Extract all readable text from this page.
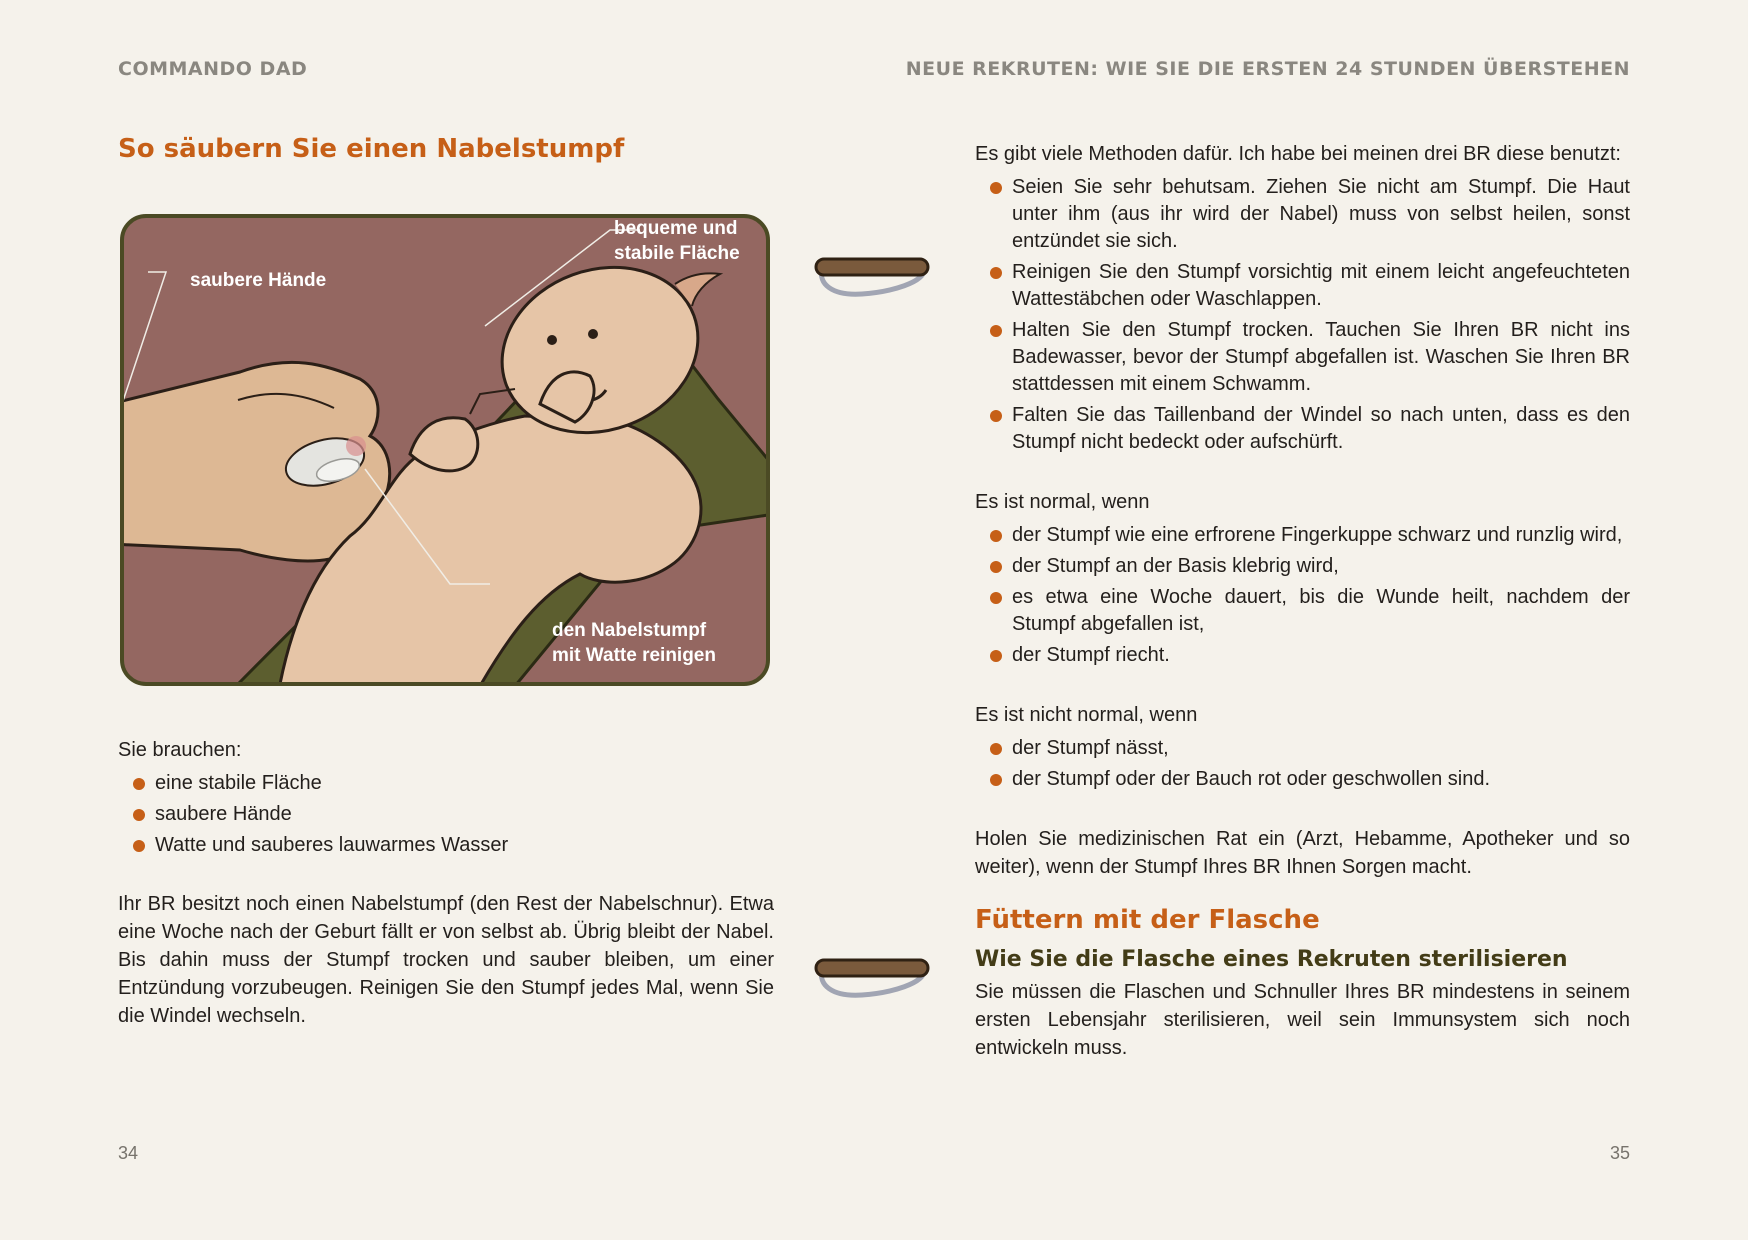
COMMANDO DAD
So säubern Sie einen Nabelstumpf
bequeme und
stabile Fläche
saubere Hände
den Nabelstumpf
mit Watte reinigen

Sie brauchen:

eine stabile Fläche
saubere Hände
Watte und sauberes lauwarmes Wasser

Ihr BR besitzt noch einen Nabelstumpf (den Rest der Nabelschnur). Etwa eine Woche nach der Geburt fällt er von selbst ab. Übrig bleibt der Nabel. Bis dahin muss der Stumpf trocken und sauber bleiben, um einer Entzündung vorzubeugen. Reinigen Sie den Stumpf jedes Mal, wenn Sie die Windel wechseln.

34
NEUE REKRUTEN: WIE SIE DIE ERSTEN 24 STUNDEN ÜBERSTEHEN
35

Es gibt viele Methoden dafür. Ich habe bei meinen drei BR diese benutzt:

Seien Sie sehr behutsam. Ziehen Sie nicht am Stumpf. Die Haut unter ihm (aus ihr wird der Nabel) muss von selbst heilen, sonst entzündet sie sich.
Reinigen Sie den Stumpf vorsichtig mit einem leicht angefeuchteten Wattestäbchen oder Waschlappen.
Halten Sie den Stumpf trocken. Tauchen Sie Ihren BR nicht ins Badewasser, bevor der Stumpf abgefallen ist. Waschen Sie Ihren BR stattdessen mit einem Schwamm.
Falten Sie das Taillenband der Windel so nach unten, dass es den Stumpf nicht bedeckt oder aufschürft.

Es ist normal, wenn

der Stumpf wie eine erfrorene Fingerkuppe schwarz und runzlig wird,
der Stumpf an der Basis klebrig wird,
es etwa eine Woche dauert, bis die Wunde heilt, nachdem der Stumpf abgefallen ist,
der Stumpf riecht.

Es ist nicht normal, wenn

der Stumpf nässt,
der Stumpf oder der Bauch rot oder geschwollen sind.

Holen Sie medizinischen Rat ein (Arzt, Hebamme, Apotheker und so weiter), wenn der Stumpf Ihres BR Ihnen Sorgen macht.

Füttern mit der Flasche
Wie Sie die Flasche eines Rekruten sterilisieren

Sie müssen die Flaschen und Schnuller Ihres BR mindestens in seinem ersten Lebensjahr sterilisieren, weil sein Immunsystem sich noch entwickeln muss.
